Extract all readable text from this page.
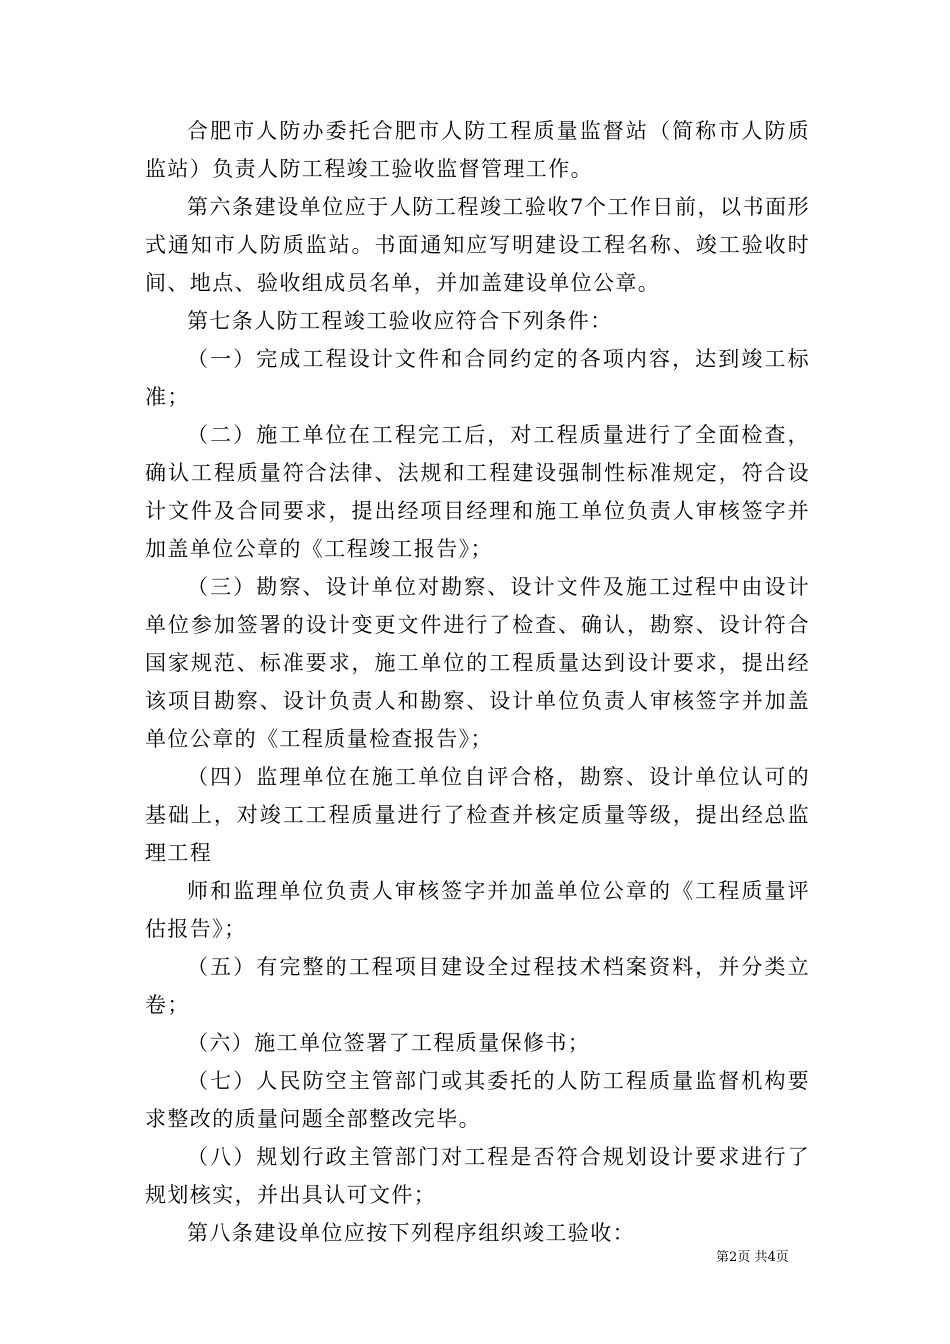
合肥市人防办委托合肥市人防工程质量监督站（简称市人防质监站）负责人防工程竣工验收监督管理工作。

第六条建设单位应于人防工程竣工验收7个工作日前，以书面形式通知市人防质监站。书面通知应写明建设工程名称、竣工验收时间、地点、验收组成员名单，并加盖建设单位公章。

第七条人防工程竣工验收应符合下列条件：

（一）完成工程设计文件和合同约定的各项内容，达到竣工标准；

（二）施工单位在工程完工后，对工程质量进行了全面检查，确认工程质量符合法律、法规和工程建设强制性标准规定，符合设计文件及合同要求，提出经项目经理和施工单位负责人审核签字并加盖单位公章的《工程竣工报告》；

（三）勘察、设计单位对勘察、设计文件及施工过程中由设计单位参加签署的设计变更文件进行了检查、确认，勘察、设计符合国家规范、标准要求，施工单位的工程质量达到设计要求，提出经该项目勘察、设计负责人和勘察、设计单位负责人审核签字并加盖单位公章的《工程质量检查报告》；

（四）监理单位在施工单位自评合格，勘察、设计单位认可的基础上，对竣工工程质量进行了检查并核定质量等级，提出经总监理工程

师和监理单位负责人审核签字并加盖单位公章的《工程质量评估报告》；

（五）有完整的工程项目建设全过程技术档案资料，并分类立卷；

（六）施工单位签署了工程质量保修书；

（七）人民防空主管部门或其委托的人防工程质量监督机构要求整改的质量问题全部整改完毕。

（八）规划行政主管部门对工程是否符合规划设计要求进行了规划核实，并出具认可文件；

第八条建设单位应按下列程序组织竣工验收：

第2页 共4页
